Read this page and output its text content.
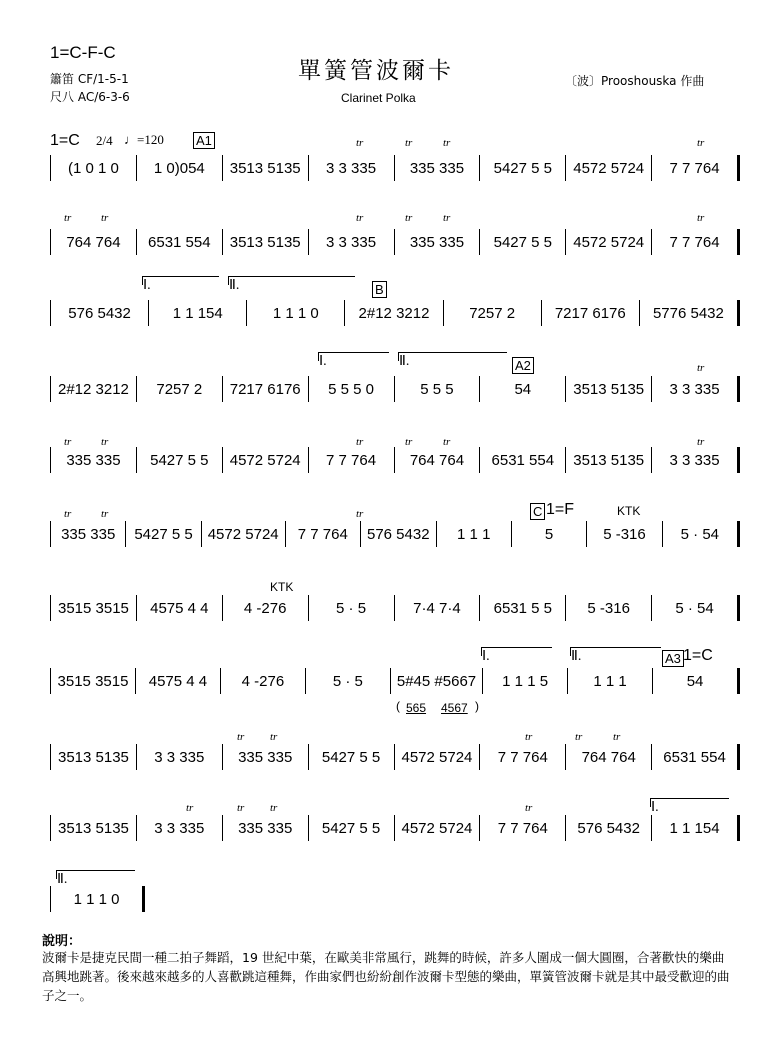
1=C-F-C
簫笛 CF/1-5-1
尺八 AC/6-3-6
單簧管波爾卡
Clarinet Polka
〔波〕Prooshouska 作曲
1=C 2/4 ♩=120 A1	tr	tr	tr	tr
tr	tr	tr	tr	tr	tr
Ⅰ.	Ⅱ.	B
Ⅰ.	Ⅱ.	A2	tr
tr	tr	tr	tr	tr	tr
tr	tr	tr	C 1=F	KTK
KTK
Ⅰ.	Ⅱ.	A3 1=C
( 565 4567 )
tr tr	tr	tr	tr
tr	tr tr	tr	Ⅰ.
Ⅱ.
(1 0 1 0	1 0)054	3513 5135	3 3 335	335 335	5427 5 5	4572 5724	7 7 764
764 764	6531 554	3513 5135	3 3 335	335 335	5427 5 5	4572 5724	7 7 764
576 5432	1 1 154	1 1 1 0	2#12 3212	7257 2	7217 6176	5776 5432
2#12 3212	7257 2	7217 6176	5 5 5 0	5 5 5	54	3513 5135	3 3 335
335 335	5427 5 5	4572 5724	7 7 764	764 764	6531 554	3513 5135	3 3 335
335 335	5427 5 5 4572 5724	7 7 764	576 5432	1 1 1	5	5 -316	5 · 54
3515 3515	4575 4 4	4 -276	5 · 5	7·4 7·4	6531 5 5	5 -316	5 · 54
3515 3515	4575 4 4	4 -276	5 · 5	5#45 #5667	1 1 1 5	1 1 1	54
3513 5135	3 3 335	335 335	5427 5 5	4572 5724	7 7 764	764 764	6531 554
3513 5135	3 3 335	335 335	5427 5 5	4572 5724	7 7 764	576 5432	1 1 154
1 1 1 0
說明：
波爾卡是捷克民間一種二拍子舞蹈，19 世紀中葉，在歐美非常風行，跳舞的時候，許多人圍成一個大圓圈，合著歡快的樂曲高興地跳著。後來越來越多的人喜歡跳這種舞，作曲家們也紛紛創作波爾卡型態的樂曲，單簧管波爾卡就是其中最受歡迎的曲子之一。
